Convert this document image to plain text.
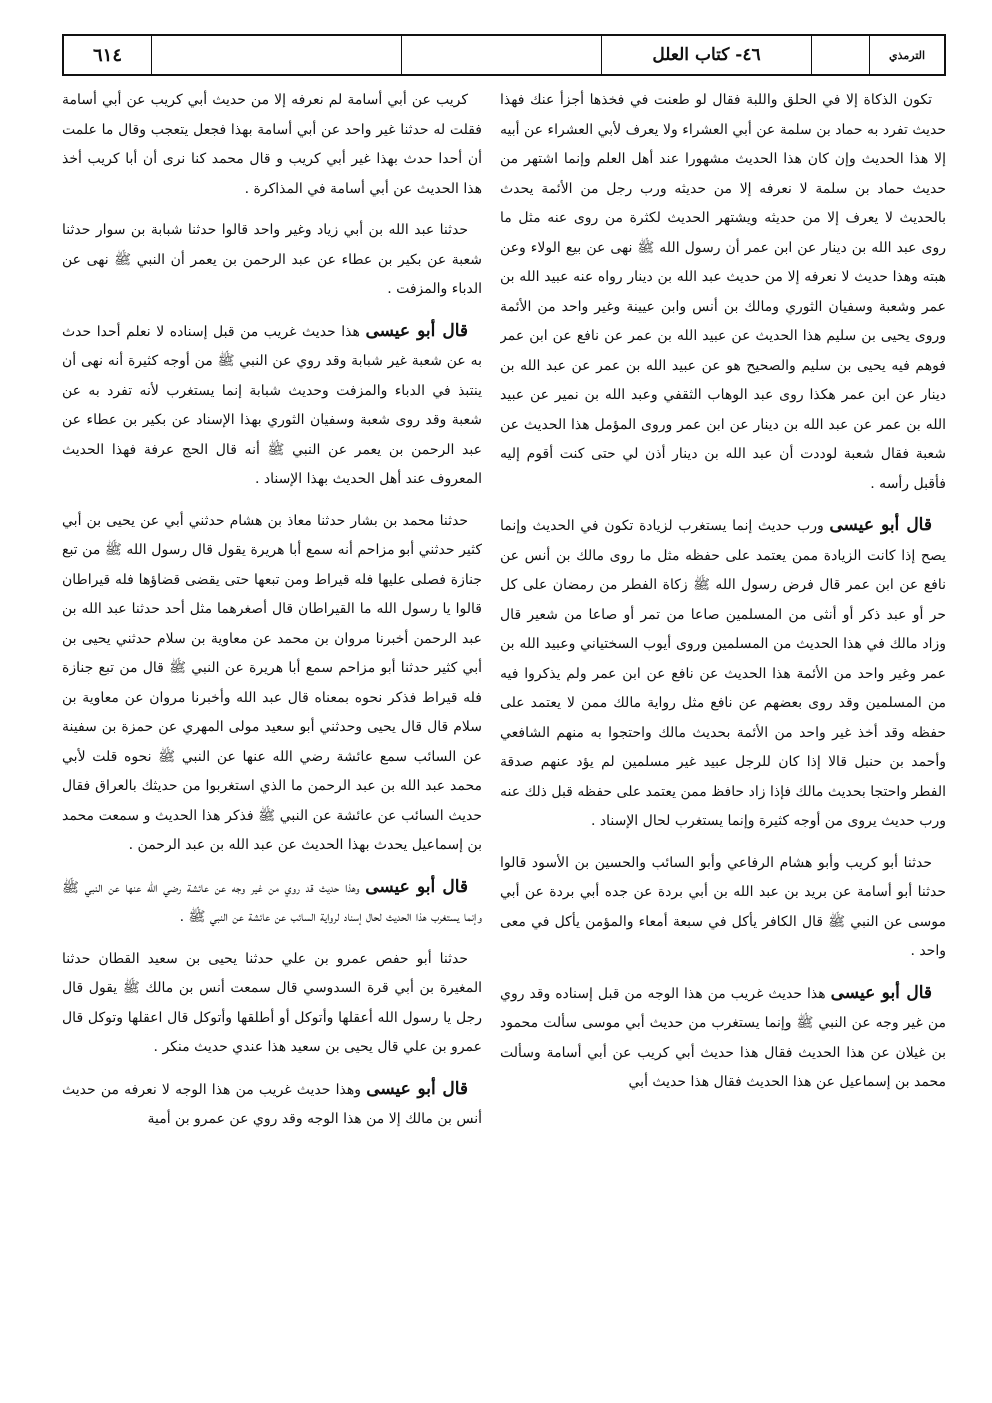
الترمذي
٤٦- كتاب العلل
٦١٤

تكون الذكاة إلا في الحلق واللبة فقال لو طعنت في فخذها أجزأ عنك فهذا حديث تفرد به حماد بن سلمة عن أبي العشراء ولا يعرف لأبي العشراء عن أبيه إلا هذا الحديث وإن كان هذا الحديث مشهورا عند أهل العلم وإنما اشتهر من حديث حماد بن سلمة لا نعرفه إلا من حديثه ورب رجل من الأئمة يحدث بالحديث لا يعرف إلا من حديثه ويشتهر الحديث لكثرة من روى عنه مثل ما روى عبد الله بن دينار عن ابن عمر أن رسول الله ﷺ نهى عن بيع الولاء وعن هبته وهذا حديث لا نعرفه إلا من حديث عبد الله بن دينار رواه عنه عبيد الله بن عمر وشعبة وسفيان الثوري ومالك بن أنس وابن عيينة وغير واحد من الأئمة وروى يحيى بن سليم هذا الحديث عن عبيد الله بن عمر عن نافع عن ابن عمر فوهم فيه يحيى بن سليم والصحيح هو عن عبيد الله بن عمر عن عبد الله بن دينار عن ابن عمر هكذا روى عبد الوهاب الثقفي وعبد الله بن نمير عن عبيد الله بن عمر عن عبد الله بن دينار عن ابن عمر وروى المؤمل هذا الحديث عن شعبة فقال شعبة لوددت أن عبد الله بن دينار أذن لي حتى كنت أقوم إليه فأقبل رأسه .

قال أبو عيسى ورب حديث إنما يستغرب لزيادة تكون في الحديث وإنما يصح إذا كانت الزيادة ممن يعتمد على حفظه مثل ما روى مالك بن أنس عن نافع عن ابن عمر قال فرض رسول الله ﷺ زكاة الفطر من رمضان على كل حر أو عبد ذكر أو أنثى من المسلمين صاعا من تمر أو صاعا من شعير قال وزاد مالك في هذا الحديث من المسلمين وروى أيوب السختياني وعبيد الله بن عمر وغير واحد من الأئمة هذا الحديث عن نافع عن ابن عمر ولم يذكروا فيه من المسلمين وقد روى بعضهم عن نافع مثل رواية مالك ممن لا يعتمد على حفظه وقد أخذ غير واحد من الأئمة بحديث مالك واحتجوا به منهم الشافعي وأحمد بن حنبل قالا إذا كان للرجل عبيد غير مسلمين لم يؤد عنهم صدقة الفطر واحتجا بحديث مالك فإذا زاد حافظ ممن يعتمد على حفظه قبل ذلك عنه ورب حديث يروى من أوجه كثيرة وإنما يستغرب لحال الإسناد .

حدثنا أبو كريب وأبو هشام الرفاعي وأبو السائب والحسين بن الأسود قالوا حدثنا أبو أسامة عن بريد بن عبد الله بن أبي بردة عن جده أبي بردة عن أبي موسى عن النبي ﷺ قال الكافر يأكل في سبعة أمعاء والمؤمن يأكل في معى واحد .

قال أبو عيسى هذا حديث غريب من هذا الوجه من قبل إسناده وقد روي من غير وجه عن النبي ﷺ وإنما يستغرب من حديث أبي موسى سألت محمود بن غيلان عن هذا الحديث فقال هذا حديث أبي كريب عن أبي أسامة وسألت محمد بن إسماعيل عن هذا الحديث فقال هذا حديث أبي

كريب عن أبي أسامة لم نعرفه إلا من حديث أبي كريب عن أبي أسامة فقلت له حدثنا غير واحد عن أبي أسامة بهذا فجعل يتعجب وقال ما علمت أن أحدا حدث بهذا غير أبي كريب و قال محمد كنا نرى أن أبا كريب أخذ هذا الحديث عن أبي أسامة في المذاكرة .

حدثنا عبد الله بن أبي زياد وغير واحد قالوا حدثنا شبابة بن سوار حدثنا شعبة عن بكير بن عطاء عن عبد الرحمن بن يعمر أن النبي ﷺ نهى عن الدباء والمزفت .

قال أبو عيسى هذا حديث غريب من قبل إسناده لا نعلم أحدا حدث به عن شعبة غير شبابة وقد روي عن النبي ﷺ من أوجه كثيرة أنه نهى أن ينتبذ في الدباء والمزفت وحديث شبابة إنما يستغرب لأنه تفرد به عن شعبة وقد روى شعبة وسفيان الثوري بهذا الإسناد عن بكير بن عطاء عن عبد الرحمن بن يعمر عن النبي ﷺ أنه قال الحج عرفة فهذا الحديث المعروف عند أهل الحديث بهذا الإسناد .

حدثنا محمد بن بشار حدثنا معاذ بن هشام حدثني أبي عن يحيى بن أبي كثير حدثني أبو مزاحم أنه سمع أبا هريرة يقول قال رسول الله ﷺ من تبع جنازة فصلى عليها فله قيراط ومن تبعها حتى يقضى قضاؤها فله قيراطان قالوا يا رسول الله ما القيراطان قال أصغرهما مثل أحد حدثنا عبد الله بن عبد الرحمن أخبرنا مروان بن محمد عن معاوية بن سلام حدثني يحيى بن أبي كثير حدثنا أبو مزاحم سمع أبا هريرة عن النبي ﷺ قال من تبع جنازة فله قيراط فذكر نحوه بمعناه قال عبد الله وأخبرنا مروان عن معاوية بن سلام قال قال يحيى وحدثني أبو سعيد مولى المهري عن حمزة بن سفينة عن السائب سمع عائشة رضي الله عنها عن النبي ﷺ نحوه قلت لأبي محمد عبد الله بن عبد الرحمن ما الذي استغربوا من حديثك بالعراق فقال حديث السائب عن عائشة عن النبي ﷺ فذكر هذا الحديث و سمعت محمد بن إسماعيل يحدث بهذا الحديث عن عبد الله بن عبد الرحمن .

قال أبو عيسى وهذا حديث قد روي من غير وجه عن عائشة رضي الله عنها عن النبي ﷺ وإنما يستغرب هذا الحديث لحال إسناد لرواية السائب عن عائشة عن النبي ﷺ .

حدثنا أبو حفص عمرو بن علي حدثنا يحيى بن سعيد القطان حدثنا المغيرة بن أبي قرة السدوسي قال سمعت أنس بن مالك ﷺ يقول قال رجل يا رسول الله أعقلها وأتوكل أو أطلقها وأتوكل قال اعقلها وتوكل قال عمرو بن علي قال يحيى بن سعيد هذا عندي حديث منكر .

قال أبو عيسى وهذا حديث غريب من هذا الوجه لا نعرفه من حديث أنس بن مالك إلا من هذا الوجه وقد روي عن عمرو بن أمية
